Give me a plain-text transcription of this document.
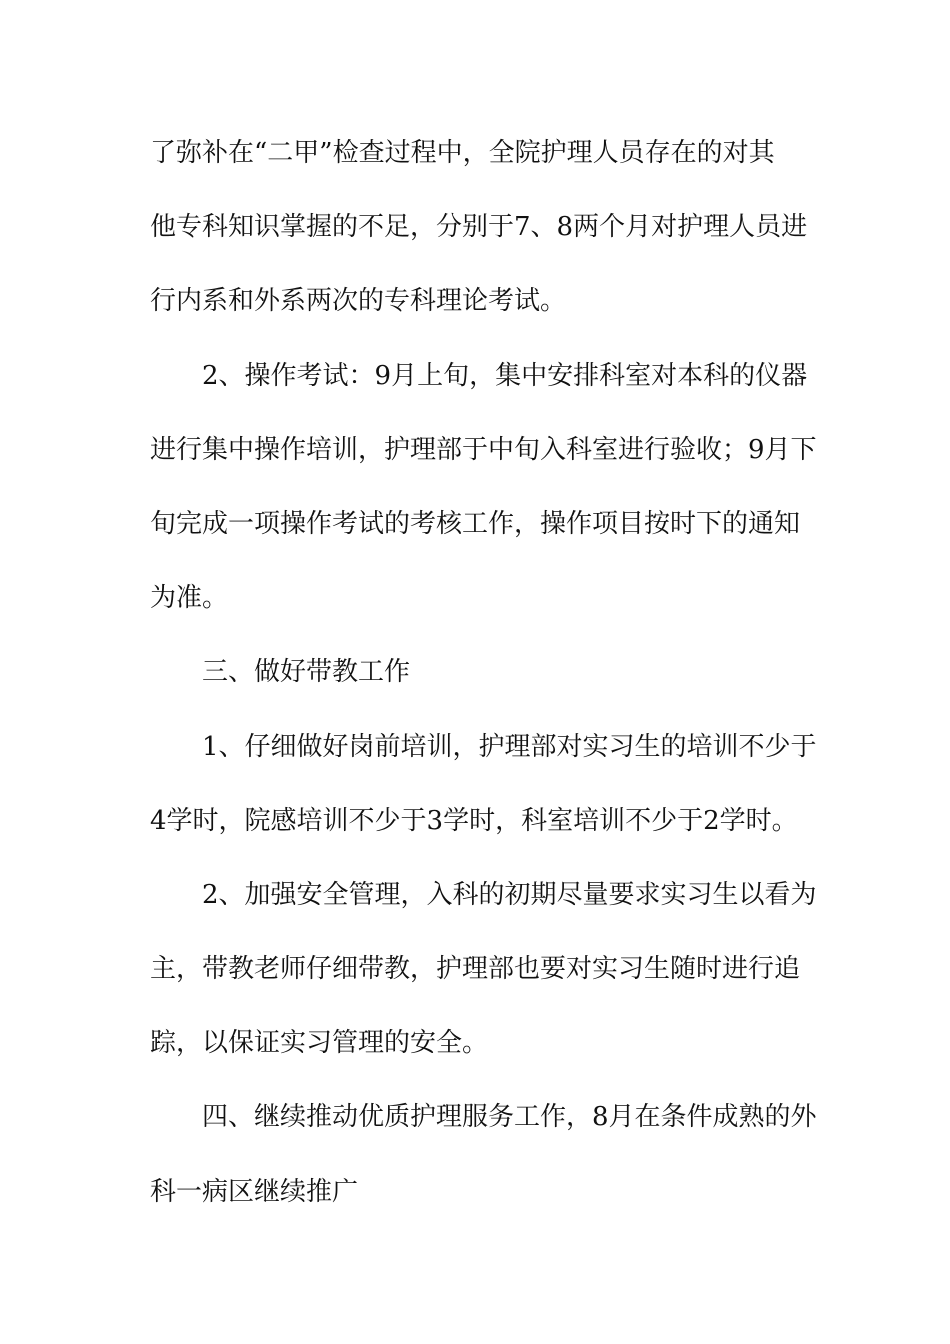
了弥补在“二甲”检查过程中，全院护理人员存在的对其
他专科知识掌握的不足，分别于7、8两个月对护理人员进
行内系和外系两次的专科理论考试。
2、操作考试：9月上旬，集中安排科室对本科的仪器
进行集中操作培训，护理部于中旬入科室进行验收；9月下
旬完成一项操作考试的考核工作，操作项目按时下的通知
为准。
三、做好带教工作
1、仔细做好岗前培训，护理部对实习生的培训不少于
4学时，院感培训不少于3学时，科室培训不少于2学时。
2、加强安全管理，入科的初期尽量要求实习生以看为
主，带教老师仔细带教，护理部也要对实习生随时进行追
踪，以保证实习管理的安全。
四、继续推动优质护理服务工作，8月在条件成熟的外
科一病区继续推广
